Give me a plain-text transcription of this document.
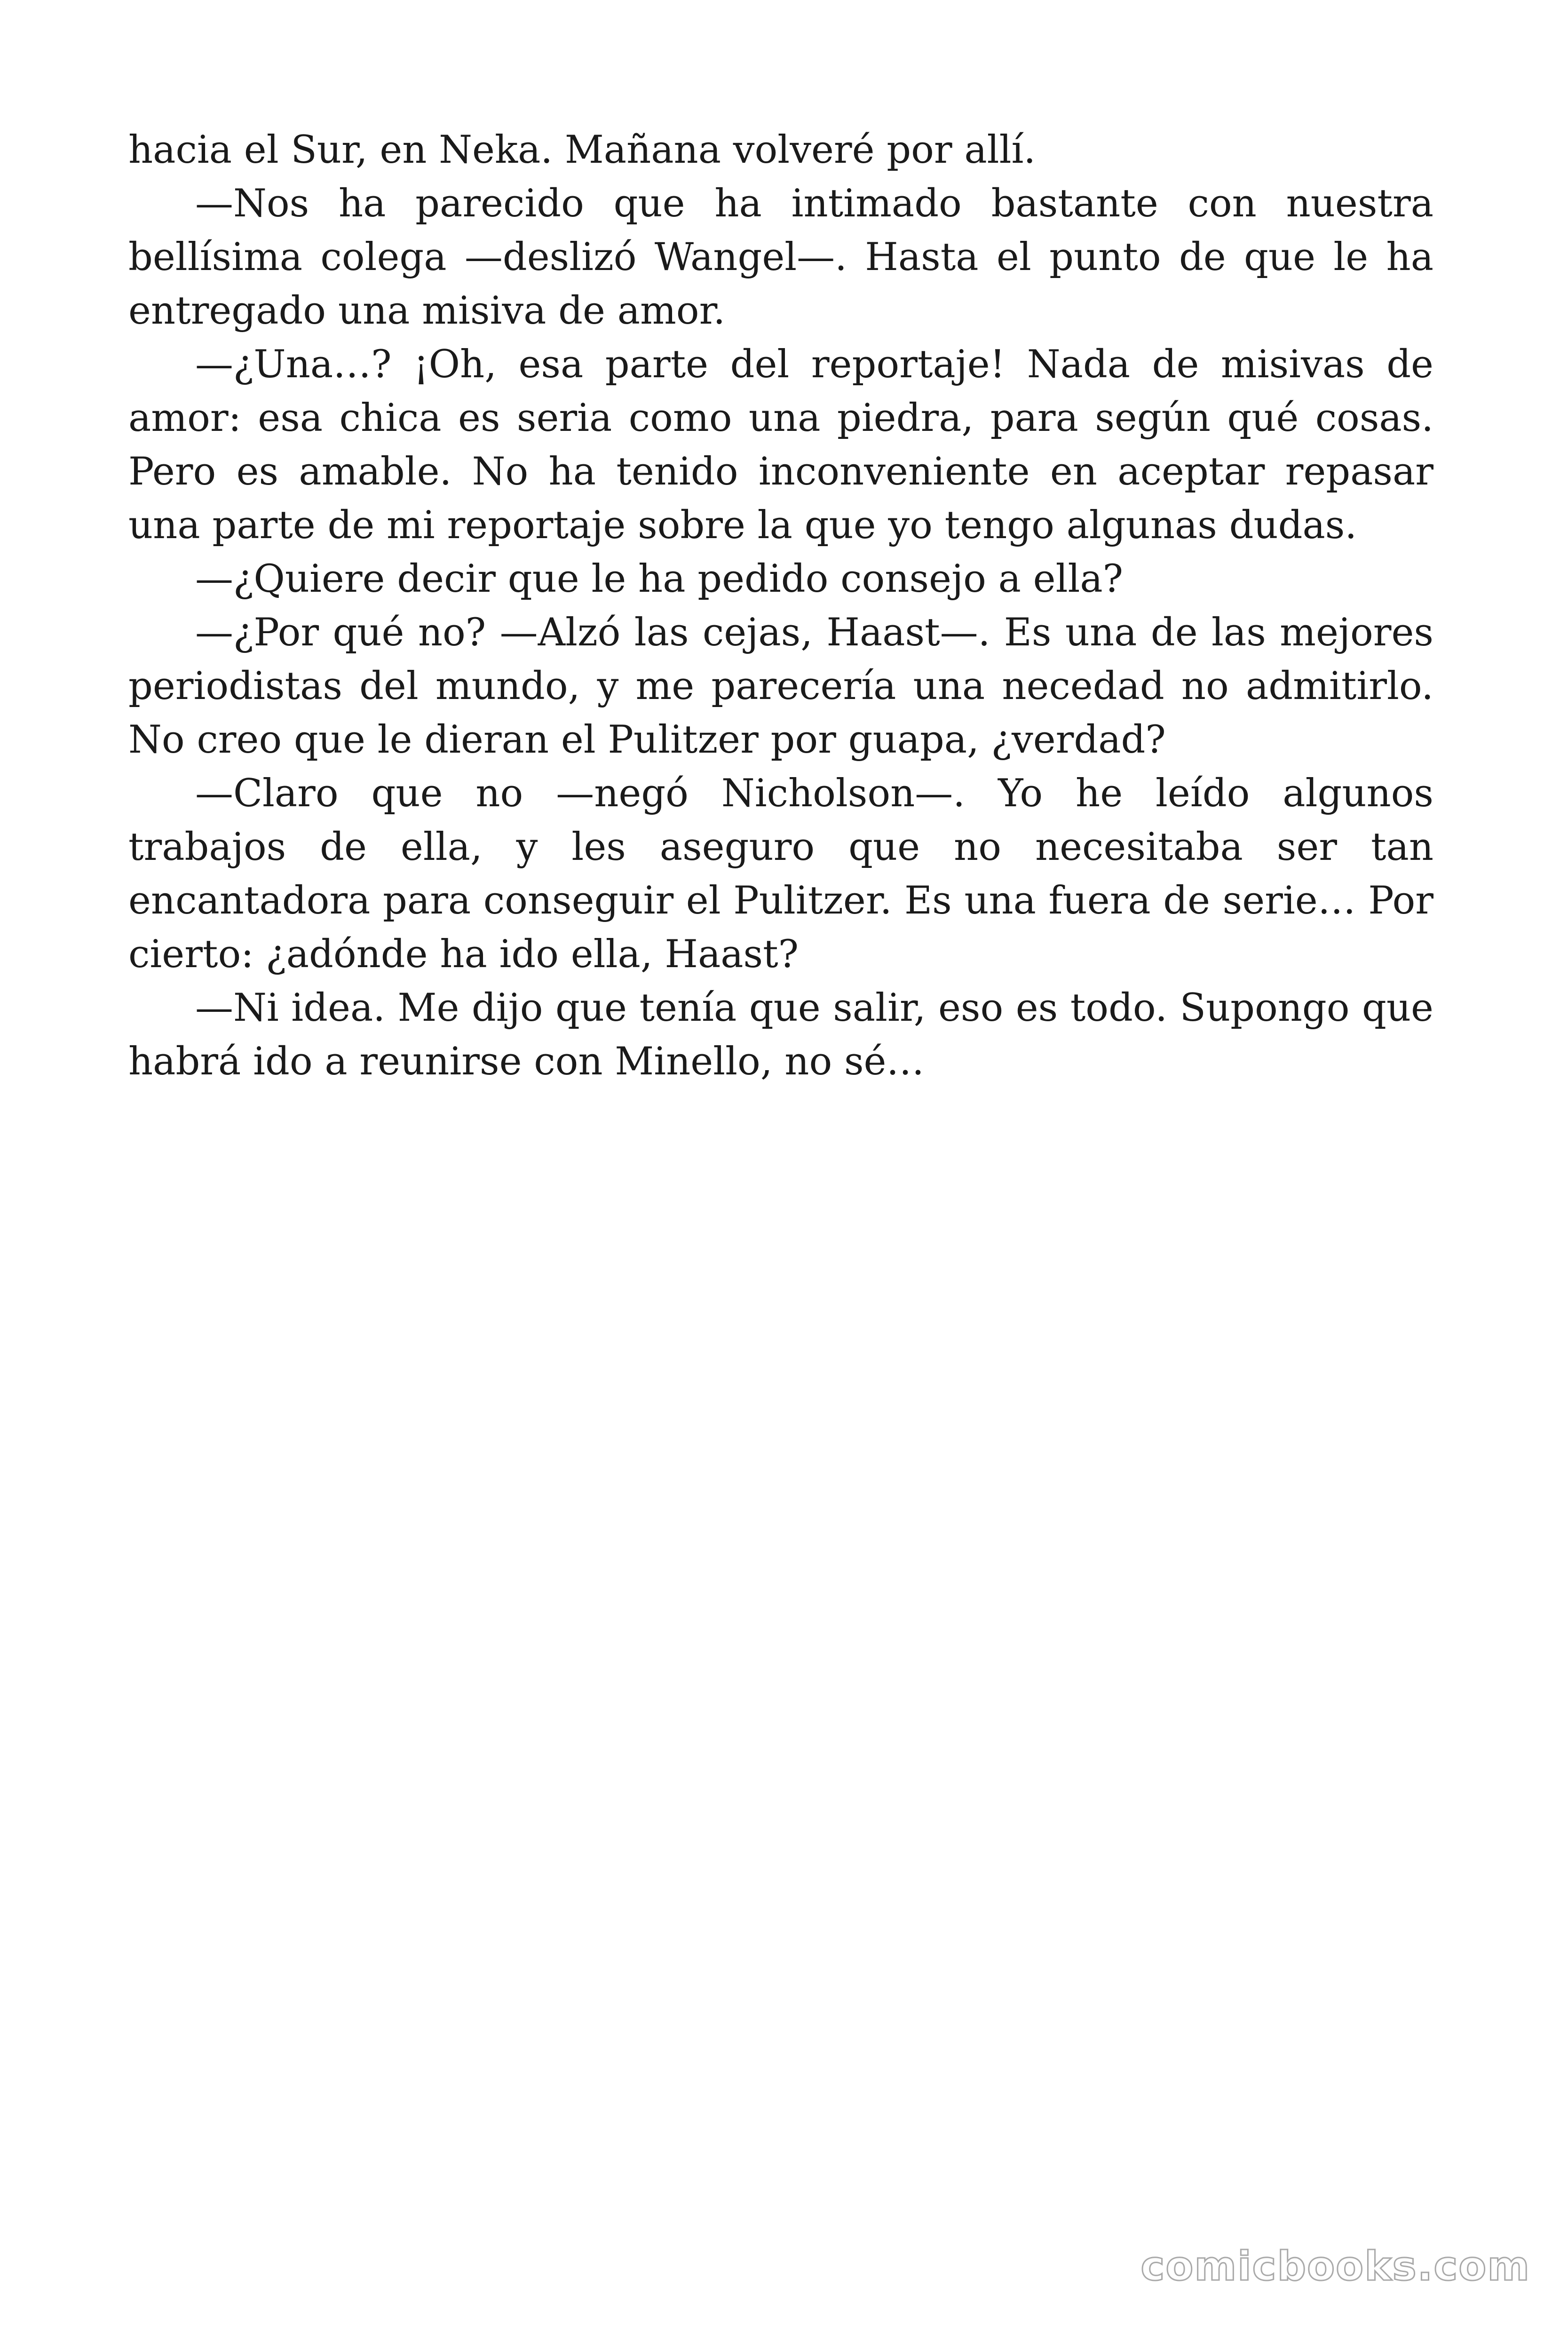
hacia el Sur, en Neka. Mañana volveré por allí.

—Nos ha parecido que ha intimado bastante con nuestra bellísima colega —deslizó Wangel—. Hasta el punto de que le ha entregado una misiva de amor.

—¿Una…? ¡Oh, esa parte del reportaje! Nada de misivas de amor: esa chica es seria como una piedra, para según qué cosas. Pero es amable. No ha tenido inconveniente en aceptar repasar una parte de mi reportaje sobre la que yo tengo algunas dudas.

—¿Quiere decir que le ha pedido consejo a ella?

—¿Por qué no? —Alzó las cejas, Haast—. Es una de las mejores periodistas del mundo, y me parecería una necedad no admitirlo. No creo que le dieran el Pulitzer por guapa, ¿verdad?

—Claro que no —negó Nicholson—. Yo he leído algunos trabajos de ella, y les aseguro que no necesitaba ser tan encantadora para conseguir el Pulitzer. Es una fuera de serie… Por cierto: ¿adónde ha ido ella, Haast?

—Ni idea. Me dijo que tenía que salir, eso es todo. Supongo que habrá ido a reunirse con Minello, no sé…

comicbooks.com
